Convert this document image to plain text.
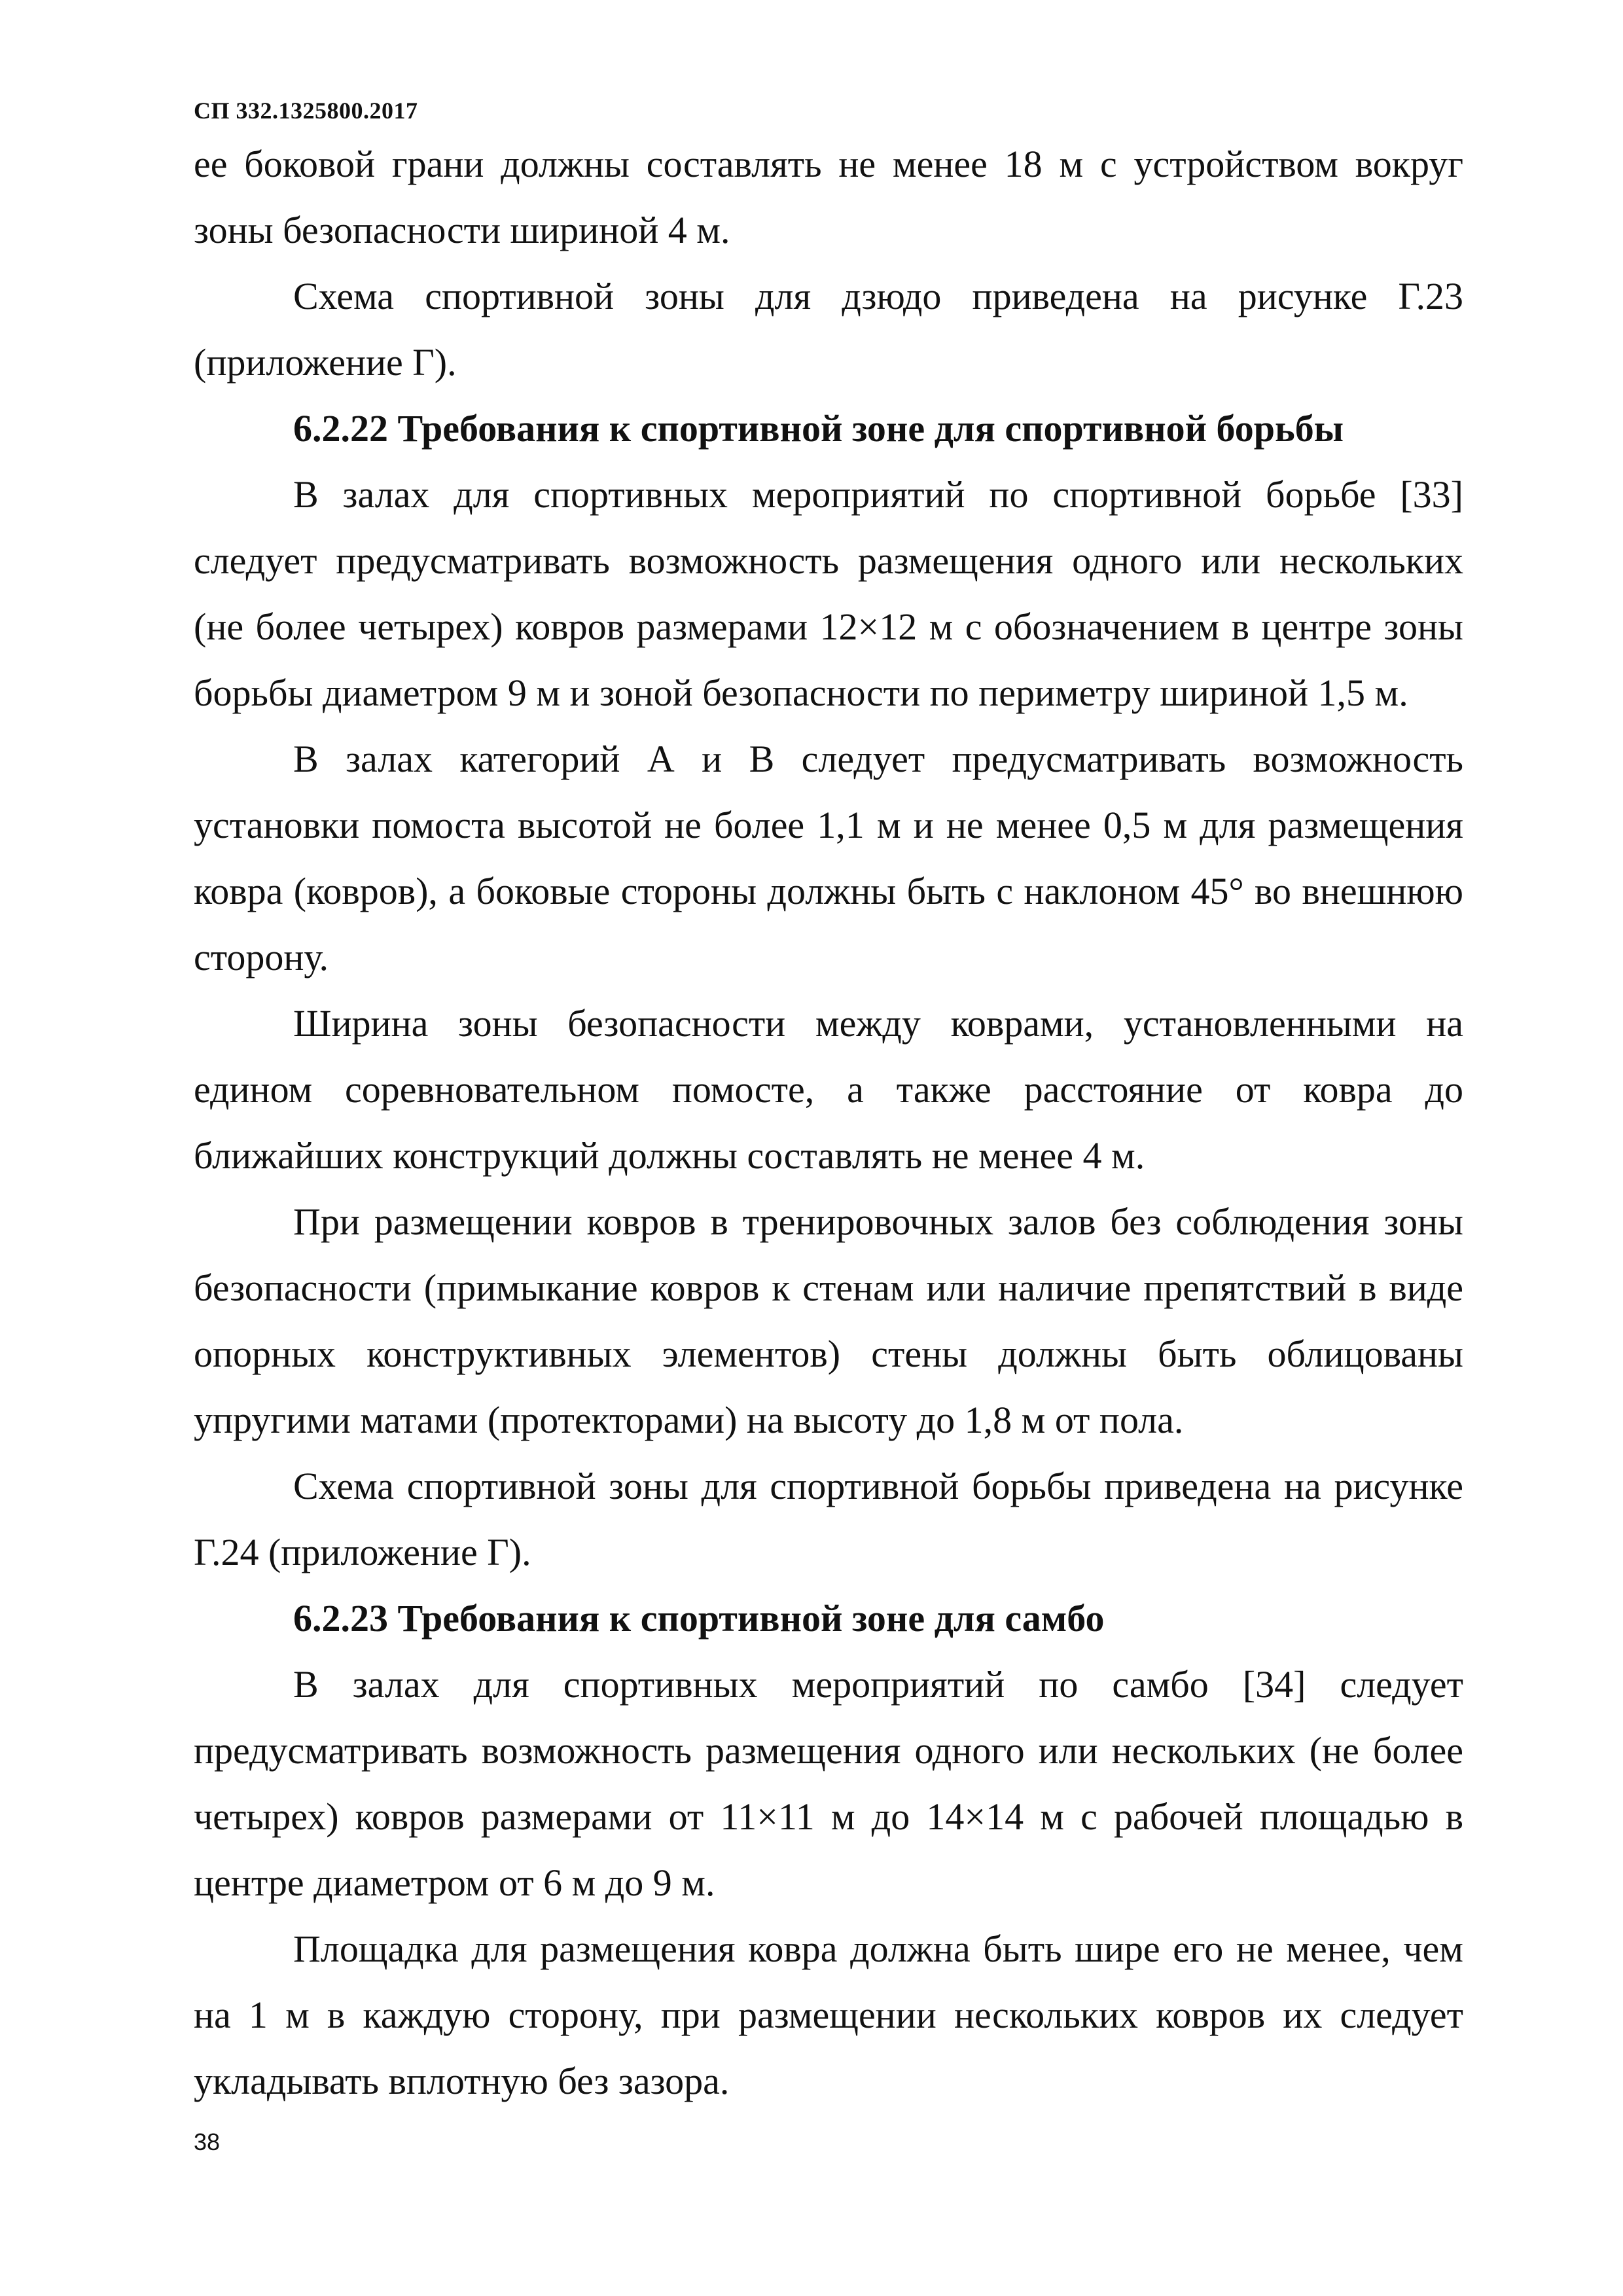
СП 332.1325800.2017

ее боковой грани должны составлять не менее 18 м с устройством вокруг зоны безопасности шириной 4 м.

Схема спортивной зоны для дзюдо приведена на рисунке Г.23 (приложение Г).

6.2.22 Требования к спортивной зоне для спортивной борьбы

В залах для спортивных мероприятий по спортивной борьбе [33] следует предусматривать возможность размещения одного или нескольких (не более четырех) ковров размерами 12×12 м с обозначением в центре зоны борьбы диаметром 9 м и зоной безопасности по периметру шириной 1,5 м.

В залах категорий А и В следует предусматривать возможность установки помоста высотой не более 1,1 м и не менее 0,5 м для размещения ковра (ковров), а боковые стороны должны быть с наклоном 45° во внешнюю сторону.

Ширина зоны безопасности между коврами, установленными на едином соревновательном помосте, а также расстояние от ковра до ближайших конструкций должны составлять не менее 4 м.

При размещении ковров в тренировочных залов без соблюдения зоны безопасности (примыкание ковров к стенам или наличие препятствий в виде опорных конструктивных элементов) стены должны быть облицованы упругими матами (протекторами) на высоту до 1,8 м от пола.

Схема спортивной зоны для спортивной борьбы приведена на рисунке Г.24 (приложение Г).

6.2.23 Требования к спортивной зоне для самбо

В залах для спортивных мероприятий по самбо [34] следует предусматривать возможность размещения одного или нескольких (не более четырех) ковров размерами от 11×11 м до 14×14 м с рабочей площадью в центре диаметром от 6 м до 9 м.

Площадка для размещения ковра должна быть шире его не менее, чем на 1 м в каждую сторону, при размещении нескольких ковров их следует укладывать вплотную без зазора.

38
